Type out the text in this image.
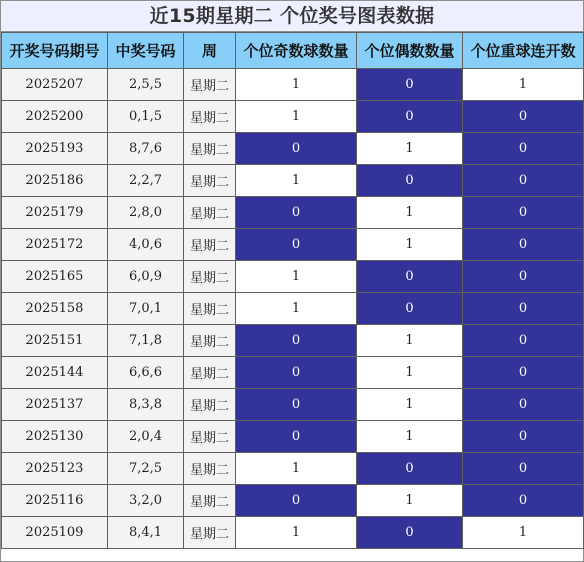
近15期星期二 个位奖号图表数据
开奖号码期号	中奖号码	周	个位奇数球数量	个位偶数数量	个位重球连开数
2025207	2,5,5	星期二	1	0	1
2025200	0,1,5	星期二	1	0	0
2025193	8,7,6	星期二	0	1	0
2025186	2,2,7	星期二	1	0	0
2025179	2,8,0	星期二	0	1	0
2025172	4,0,6	星期二	0	1	0
2025165	6,0,9	星期二	1	0	0
2025158	7,0,1	星期二	1	0	0
2025151	7,1,8	星期二	0	1	0
2025144	6,6,6	星期二	0	1	0
2025137	8,3,8	星期二	0	1	0
2025130	2,0,4	星期二	0	1	0
2025123	7,2,5	星期二	1	0	0
2025116	3,2,0	星期二	0	1	0
2025109	8,4,1	星期二	1	0	1
